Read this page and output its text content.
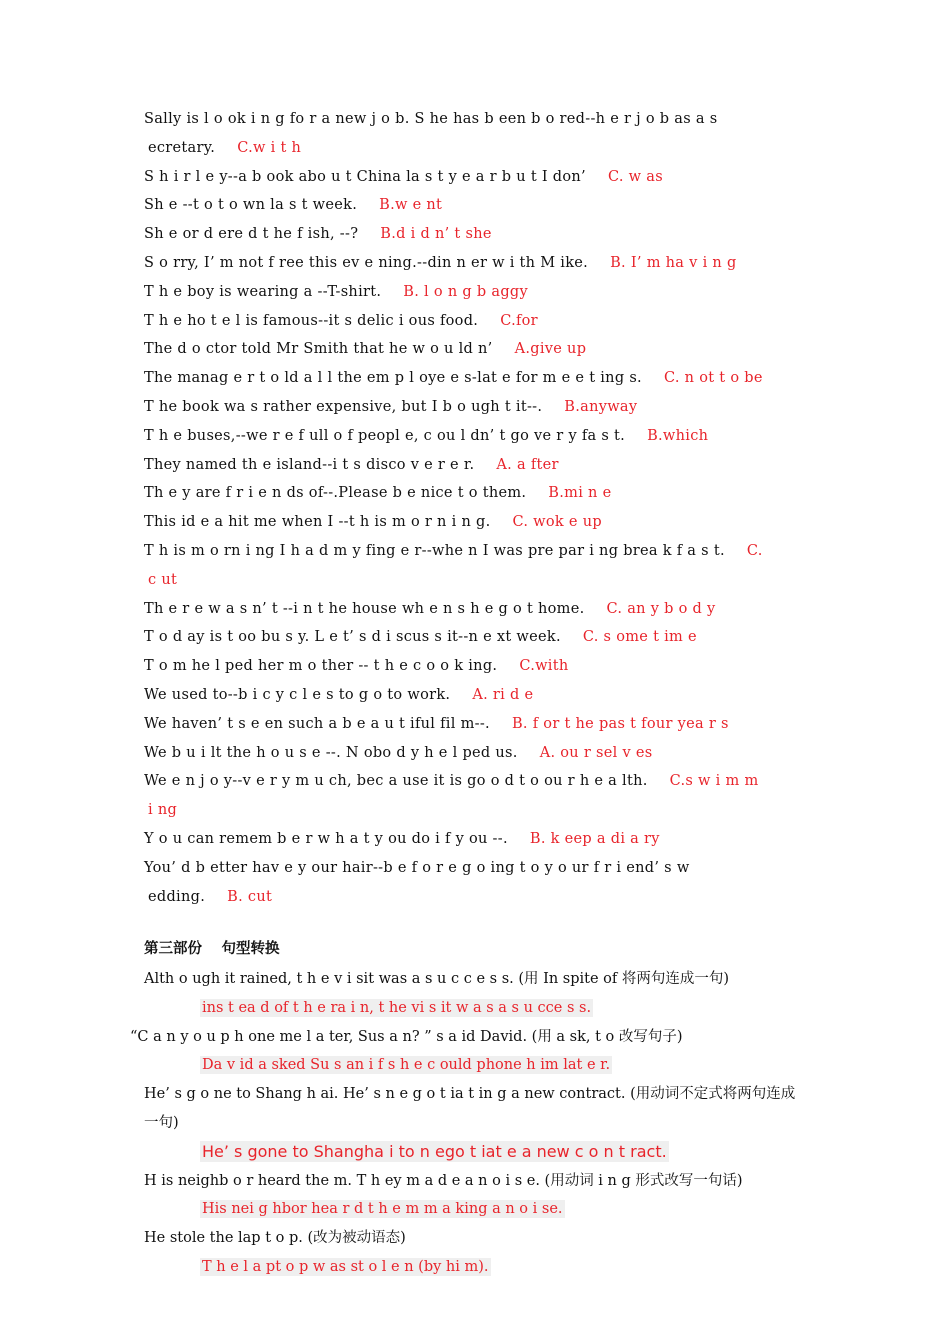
Sally is l o ok i n g fo r a new j o b. S he has b een b o red--h e r j o b as a s
ecretary. C.w i t h
S h i r l e y--a b ook abo u t China la s t y e a r b u t I don’ C. w as
Sh e --t o t o wn la s t week. B.w e nt
Sh e or d ere d t he f ish, --? B.d i d n’ t she
S o rry, I’ m not f ree this ev e ning.--din n er w i th M ike. B. I’ m ha v i n g
T h e boy is wearing a --T-shirt. B. l o n g b aggy
T h e ho t e l is famous--it s delic i ous food. C.for
The d o ctor told Mr Smith that he w o u ld n’ A.give up
The manag e r t o ld a l l the em p l oye e s-lat e for m e e t ing s. C. n ot t o be
T he book wa s rather expensive, but I b o ugh t it--. B.anyway
T h e buses,--we r e f ull o f peopl e, c ou l dn’ t go ve r y fa s t. B.which
They named th e island--i t s disco v e r e r. A. a fter
Th e y are f r i e n ds of--.Please b e nice t o them. B.mi n e
This id e a hit me when I --t h is m o r n i n g. C. wok e up
T h is m o rn i ng I h a d m y fing e r--whe n I was pre par i ng brea k f a s t. C.
c ut
Th e r e w a s n’ t --i n t he house wh e n s h e g o t home. C. an y b o d y
T o d ay is t oo bu s y. L e t’ s d i scus s it--n e xt week. C. s ome t im e
T o m he l ped her m o ther -- t h e c o o k ing. C.with
We used to--b i c y c l e s to g o to work. A. ri d e
We haven’ t s e en such a b e a u t iful fil m--. B. f or t he pas t four yea r s
We b u i lt the h o u s e --. N obo d y h e l ped us. A. ou r sel v es
We e n j o y--v e r y m u ch, bec a use it is go o d t o ou r h e a lth. C.s w i m m
i ng
Y o u can remem b e r w h a t y ou do i f y ou --. B. k eep a di a ry
You’ d b etter hav e y our hair--b e f o r e g o ing t o y o ur f r i end’ s w
edding. B. cut
第三部份　 句型转换
Alth o ugh it rained, t h e v i sit was a s u c c e s s. (用 In spite of 将两句连成一句)
ins t ea d of t h e ra i n, t he vi s it w a s a s u cce s s.
“C a n y o u p h one me l a ter, Sus a n? ” s a id David. (用 a sk, t o 改写句子)
Da v id a sked Su s an i f s h e c ould phone h im lat e r.
He’ s g o ne to Shang h ai. He’ s n e g o t ia t in g a new contract. (用动词不定式将两句连成
一句)
He’ s gone to Shangha i to n ego t iat e a new c o n t ract.
H is neighb o r heard the m. T h ey m a d e a n o i s e. (用动词 i n g 形式改写一句话)
His nei g hbor hea r d t h e m m a king a n o i se.
He stole the lap t o p. (改为被动语态)
T h e l a pt o p w as st o l e n (by hi m).
